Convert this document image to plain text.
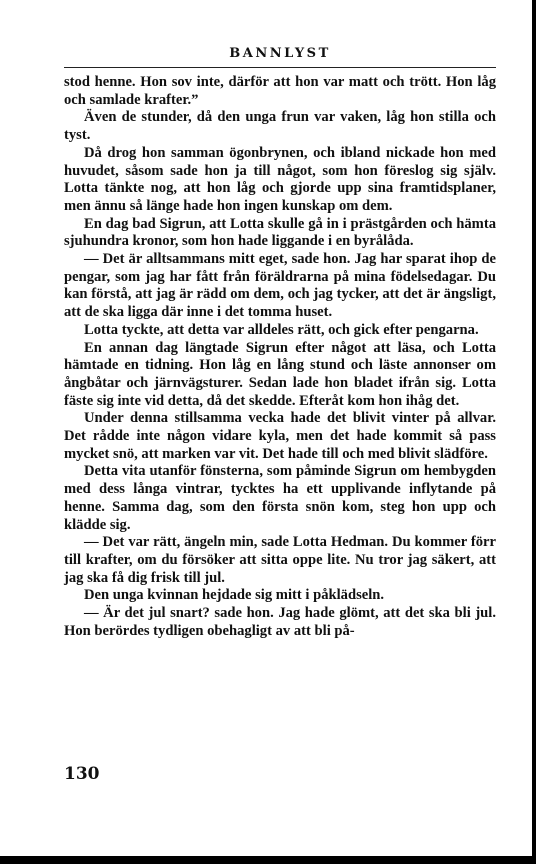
BANNLYST

stod henne. Hon sov inte, därför att hon var matt och trött. Hon låg och samlade krafter.”

Även de stunder, då den unga frun var vaken, låg hon stilla och tyst.

Då drog hon samman ögonbrynen, och ibland nickade hon med huvudet, såsom sade hon ja till något, som hon föreslog sig själv. Lotta tänkte nog, att hon låg och gjorde upp sina framtidsplaner, men ännu så länge hade hon ingen kunskap om dem.

En dag bad Sigrun, att Lotta skulle gå in i prästgården och hämta sjuhundra kronor, som hon hade liggande i en byrålåda.

— Det är alltsammans mitt eget, sade hon. Jag har sparat ihop de pengar, som jag har fått från föräldrarna på mina födelsedagar. Du kan förstå, att jag är rädd om dem, och jag tycker, att det är ängsligt, att de ska ligga där inne i det tomma huset.

Lotta tyckte, att detta var alldeles rätt, och gick efter pengarna.

En annan dag längtade Sigrun efter något att läsa, och Lotta hämtade en tidning. Hon låg en lång stund och läste annonser om ångbåtar och järnvägsturer. Sedan lade hon bladet ifrån sig. Lotta fäste sig inte vid detta, då det skedde. Efteråt kom hon ihåg det.

Under denna stillsamma vecka hade det blivit vinter på allvar. Det rådde inte någon vidare kyla, men det hade kommit så pass mycket snö, att marken var vit. Det hade till och med blivit slädföre.

Detta vita utanför fönsterna, som påminde Sigrun om hembygden med dess långa vintrar, tycktes ha ett upplivande inflytande på henne. Samma dag, som den första snön kom, steg hon upp och klädde sig.

— Det var rätt, ängeln min, sade Lotta Hedman. Du kommer förr till krafter, om du försöker att sitta oppe lite. Nu tror jag säkert, att jag ska få dig frisk till jul.

Den unga kvinnan hejdade sig mitt i påklädseln.

— Är det jul snart? sade hon. Jag hade glömt, att det ska bli jul. Hon berördes tydligen obehagligt av att bli på-

130
